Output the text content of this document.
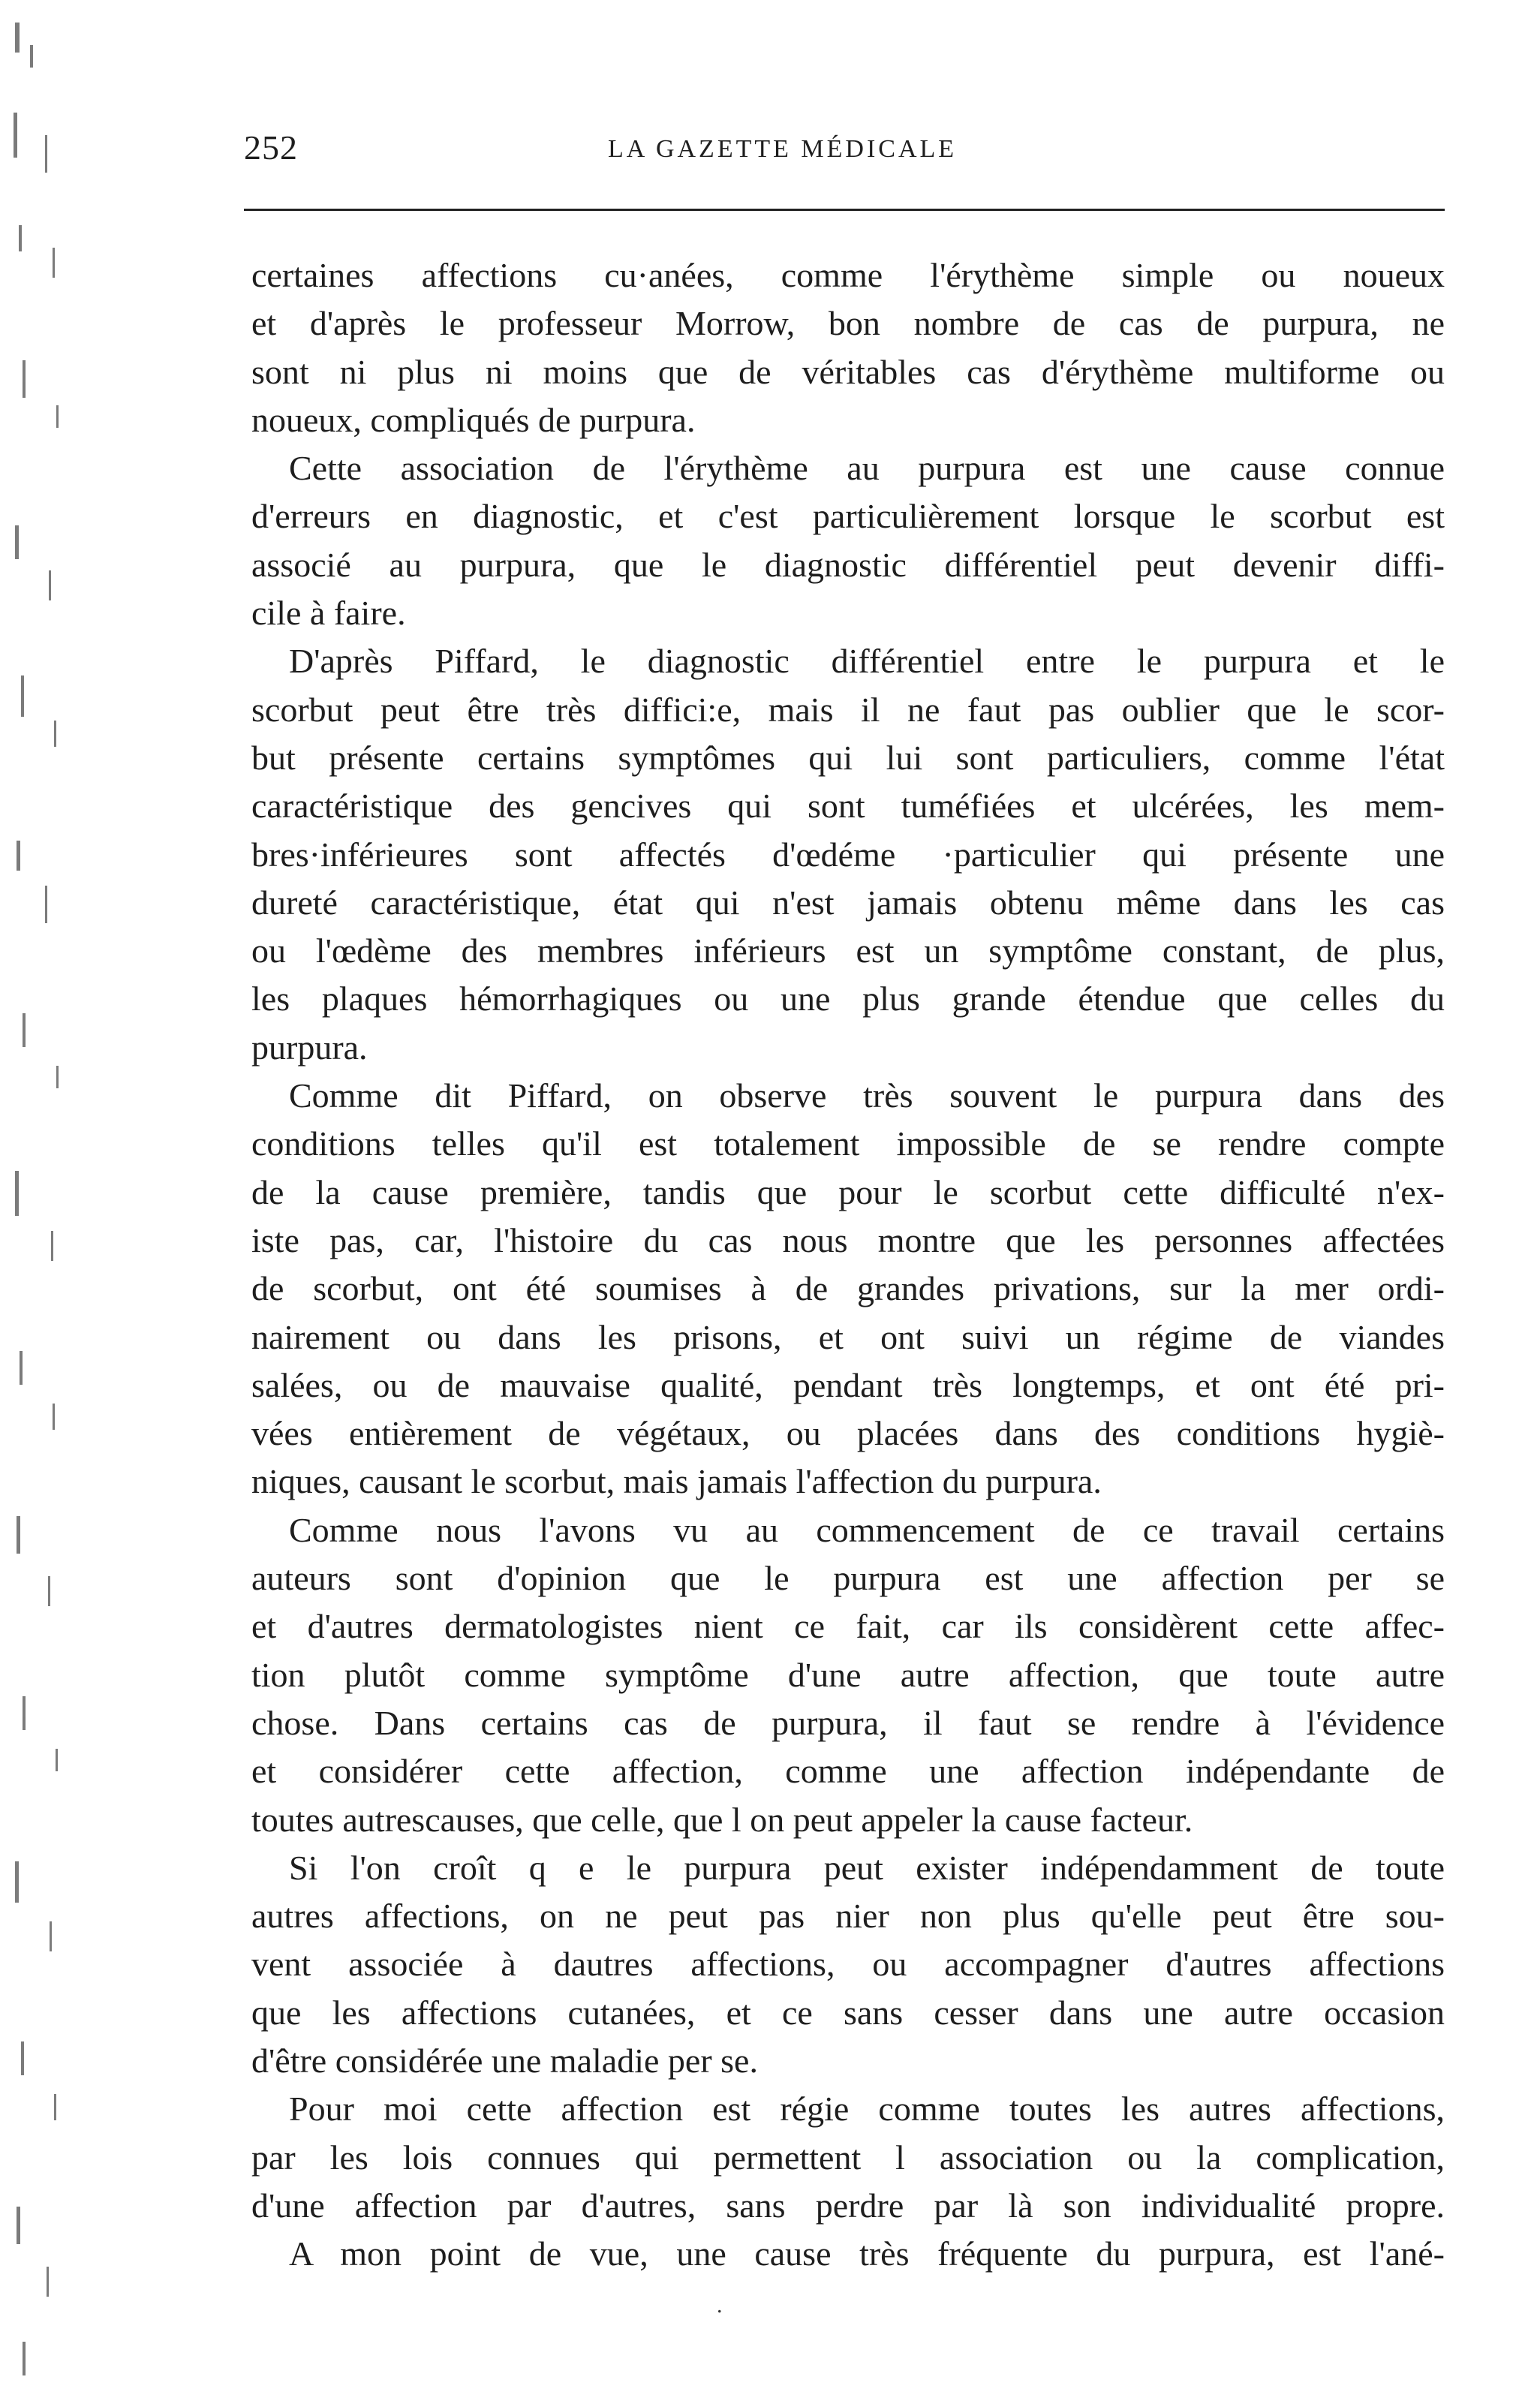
252	LA GAZETTE MÉDICALE
certaines affections cu·anées, comme l'érythème simple ou noueux
et d'après le professeur Morrow, bon nombre de cas de purpura, ne
sont ni plus ni moins que de véritables cas d'érythème multiforme ou
noueux, compliqués de purpura.
Cette association de l'érythème au purpura est une cause connue
d'erreurs en diagnostic, et c'est particulièrement lorsque le scorbut est
associé au purpura, que le diagnostic différentiel peut devenir diffi-
cile à faire.
D'après Piffard, le diagnostic différentiel entre le purpura et le
scorbut peut être très diffici:e, mais il ne faut pas oublier que le scor-
but présente certains symptômes qui lui sont particuliers, comme l'état
caractéristique des gencives qui sont tuméfiées et ulcérées, les mem-
bres·inférieures sont affectés d'œdéme ·particulier qui présente une
dureté caractéristique, état qui n'est jamais obtenu même dans les cas
ou l'œdème des membres inférieurs est un symptôme constant, de plus,
les plaques hémorrhagiques ou une plus grande étendue que celles du
purpura.
Comme dit Piffard, on observe très souvent le purpura dans des
conditions telles qu'il est totalement impossible de se rendre compte
de la cause première, tandis que pour le scorbut cette difficulté n'ex-
iste pas, car, l'histoire du cas nous montre que les personnes affectées
de scorbut, ont été soumises à de grandes privations, sur la mer ordi-
nairement ou dans les prisons, et ont suivi un régime de viandes
salées, ou de mauvaise qualité, pendant très longtemps, et ont été pri-
vées entièrement de végétaux, ou placées dans des conditions hygiè-
niques, causant le scorbut, mais jamais l'affection du purpura.
Comme nous l'avons vu au commencement de ce travail certains
auteurs sont d'opinion que le purpura est une affection per se
et d'autres dermatologistes nient ce fait, car ils considèrent cette affec-
tion plutôt comme symptôme d'une autre affection, que toute autre
chose. Dans certains cas de purpura, il faut se rendre à l'évidence
et considérer cette affection, comme une affection indépendante de
toutes autrescauses, que celle, que l on peut appeler la cause facteur.
Si l'on croît q e le purpura peut exister indépendamment de toute
autres affections, on ne peut pas nier non plus qu'elle peut être sou-
vent associée à dautres affections, ou accompagner d'autres affections
que les affections cutanées, et ce sans cesser dans une autre occasion
d'être considérée une maladie per se.
Pour moi cette affection est régie comme toutes les autres affections,
par les lois connues qui permettent l association ou la complication,
d'une affection par d'autres, sans perdre par là son individualité propre.
A mon point de vue, une cause très fréquente du purpura, est l'ané-
.
